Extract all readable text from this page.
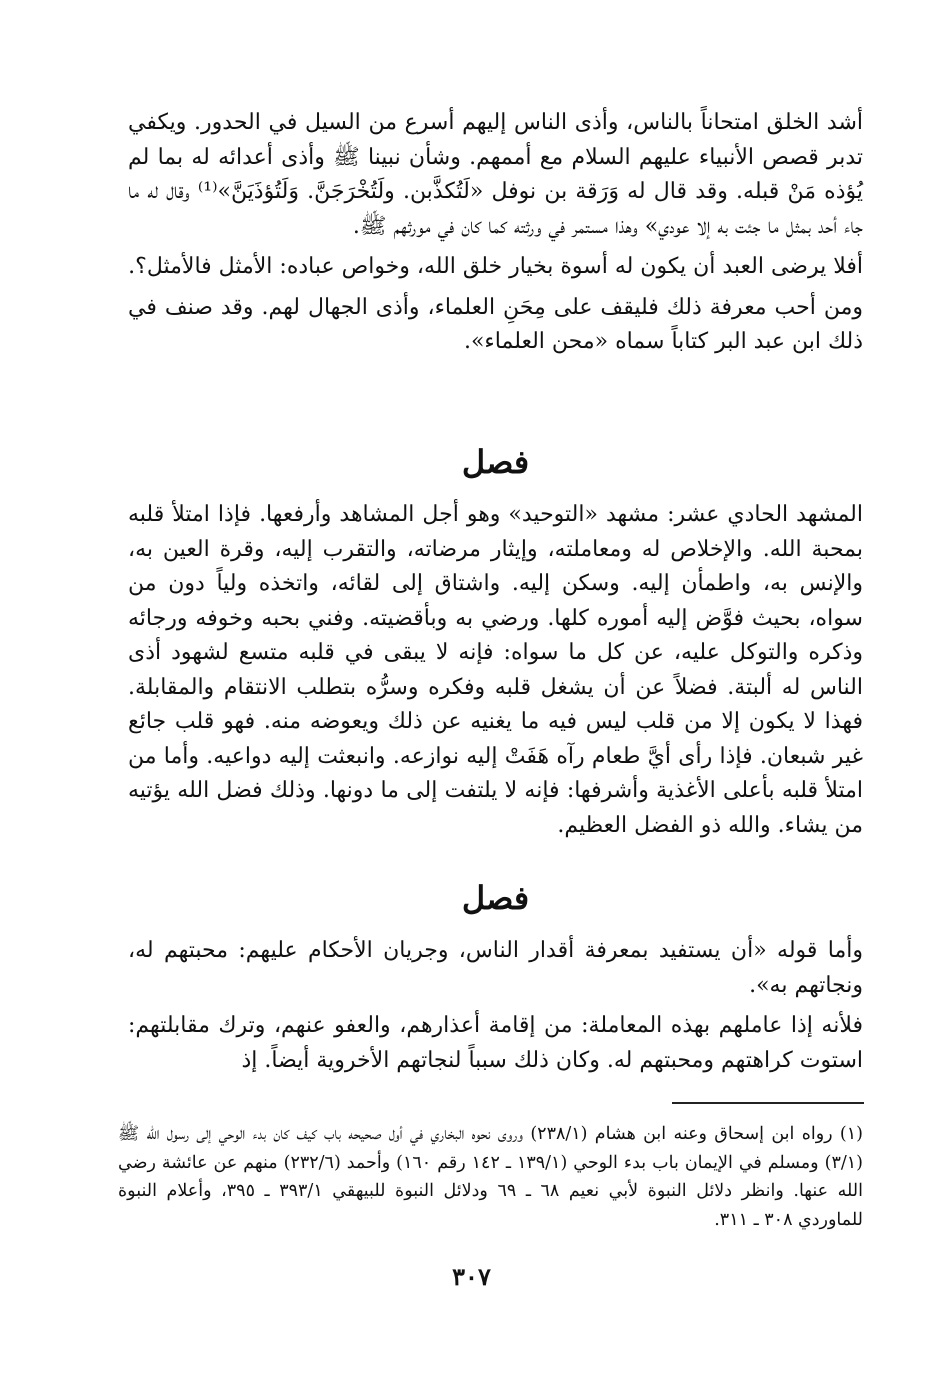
أشد الخلق امتحاناً بالناس، وأذى الناس إليهم أسرع من السيل في الحدور. ويكفي تدبر قصص الأنبياء عليهم السلام مع أممهم. وشأن نبينا ﷺ وأذى أعدائه له بما لم يُؤذه مَنْ قبله. وقد قال له وَرَقة بن نوفل «لَتُكذَّبن. ولَتُخْرَجَنَّ. وَلَتُؤذَيَنَّ»⁽¹⁾ وقال له ما جاء أحد بمثل ما جئت به إلا عودي» وهذا مستمر في ورثته كما كان في مورثهم ﷺ.

أفلا يرضى العبد أن يكون له أسوة بخيار خلق الله، وخواص عباده: الأمثل فالأمثل؟.

ومن أحب معرفة ذلك فليقف على مِحَنِ العلماء، وأذى الجهال لهم. وقد صنف في ذلك ابن عبد البر كتاباً سماه «محن العلماء».

فصل

المشهد الحادي عشر: مشهد «التوحيد» وهو أجل المشاهد وأرفعها. فإذا امتلأ قلبه بمحبة الله. والإخلاص له ومعاملته، وإيثار مرضاته، والتقرب إليه، وقرة العين به، والإنس به، واطمأن إليه. وسكن إليه. واشتاق إلى لقائه، واتخذه ولياً دون من سواه، بحيث فوَّض إليه أموره كلها. ورضي به وبأقضيته. وفني بحبه وخوفه ورجائه وذكره والتوكل عليه، عن كل ما سواه: فإنه لا يبقى في قلبه متسع لشهود أذى الناس له ألبتة. فضلاً عن أن يشغل قلبه وفكره وسرُّه بتطلب الانتقام والمقابلة. فهذا لا يكون إلا من قلب ليس فيه ما يغنيه عن ذلك ويعوضه منه. فهو قلب جائع غير شبعان. فإذا رأى أيَّ طعام رآه هَفَتْ إليه نوازعه. وانبعثت إليه دواعيه. وأما من امتلأ قلبه بأعلى الأغذية وأشرفها: فإنه لا يلتفت إلى ما دونها. وذلك فضل الله يؤتيه من يشاء. والله ذو الفضل العظيم.

فصل

وأما قوله «أن يستفيد بمعرفة أقدار الناس، وجريان الأحكام عليهم: محبتهم له، ونجاتهم به».

فلأنه إذا عاملهم بهذه المعاملة: من إقامة أعذارهم، والعفو عنهم، وترك مقابلتهم: استوت كراهتهم ومحبتهم له. وكان ذلك سبباً لنجاتهم الأخروية أيضاً. إذ

(١) رواه ابن إسحاق وعنه ابن هشام (٢٣٨/١) وروى نحوه البخاري في أول صحيحه باب كيف كان بدء الوحي إلى رسول الله ﷺ (٣/١) ومسلم في الإيمان باب بدء الوحي (١٣٩/١ ـ ١٤٢ رقم ١٦٠) وأحمد (٢٣٢/٦) منهم عن عائشة رضي الله عنها. وانظر دلائل النبوة لأبي نعيم ٦٨ ـ ٦٩ ودلائل النبوة للبيهقي ٣٩٣/١ ـ ٣٩٥، وأعلام النبوة للماوردي ٣٠٨ ـ ٣١١.

٣٠٧
